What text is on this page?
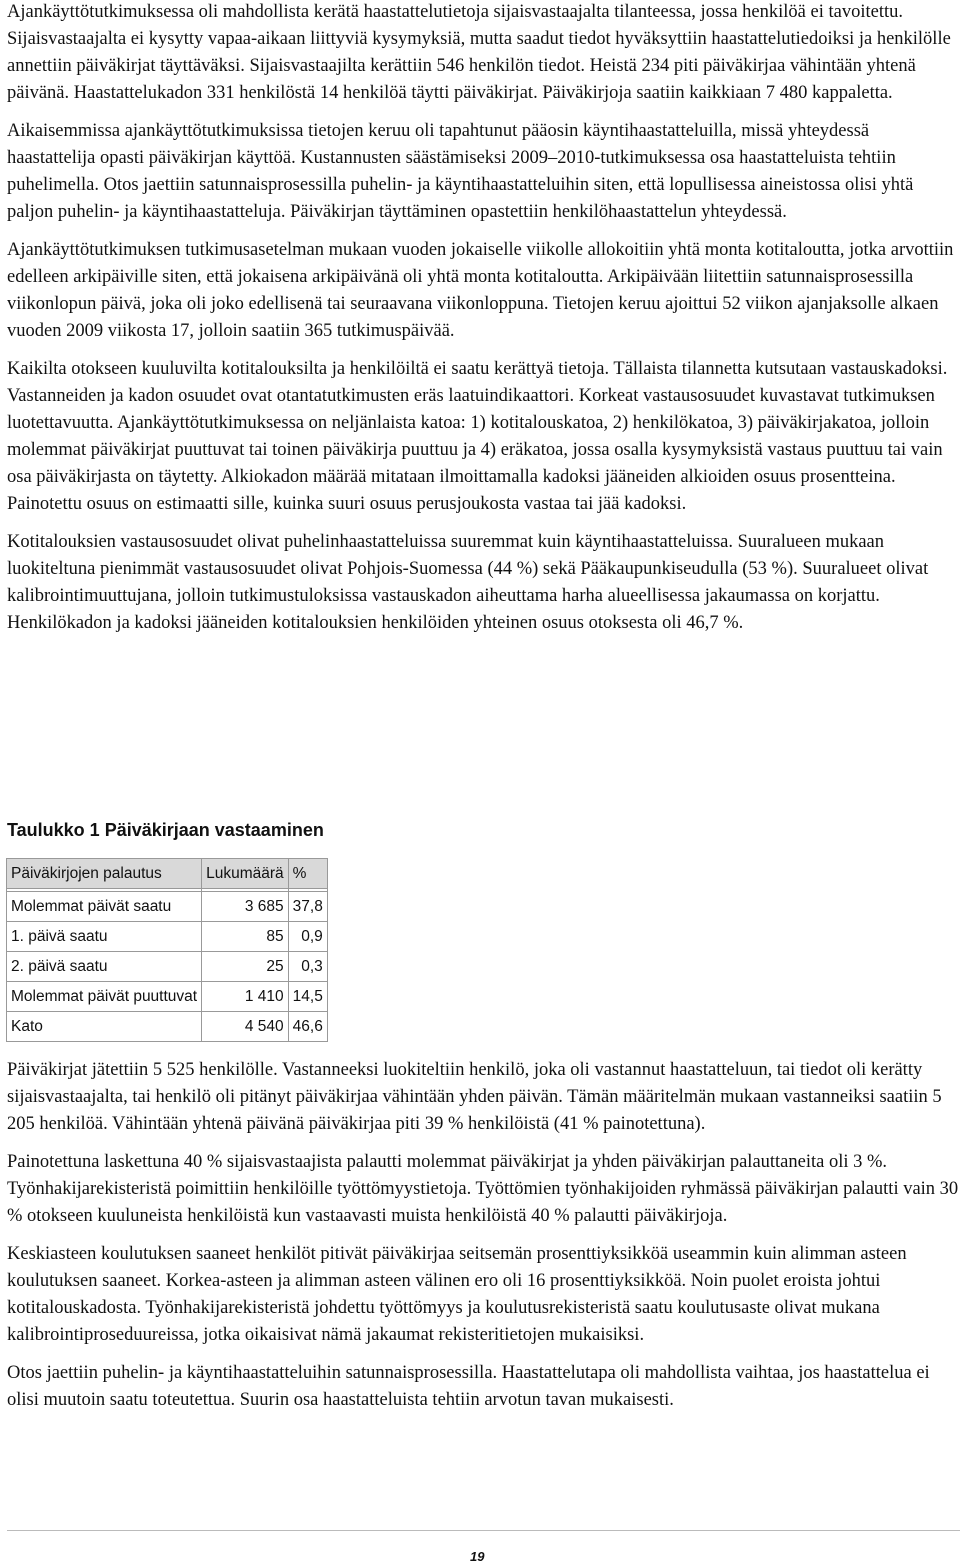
Ajankäyttötutkimuksessa oli mahdollista kerätä haastattelutietoja sijaisvastaajalta tilanteessa, jossa henkilöä ei tavoitettu. Sijaisvastaajalta ei kysytty vapaa-aikaan liittyviä kysymyksiä, mutta saadut tiedot hyväksyttiin haastattelutiedoiksi ja henkilölle annettiin päiväkirjat täyttäväksi. Sijaisvastaajilta kerättiin 546 henkilön tiedot. Heistä 234 piti päiväkirjaa vähintään yhtenä päivänä. Haastattelukadon 331 henkilöstä 14 henkilöä täytti päiväkirjat. Päiväkirjoja saatiin kaikkiaan 7 480 kappaletta.

Aikaisemmissa ajankäyttötutkimuksissa tietojen keruu oli tapahtunut pääosin käyntihaastatteluilla, missä yhteydessä haastattelija opasti päiväkirjan käyttöä. Kustannusten säästämiseksi 2009–2010-tutkimuksessa osa haastatteluista tehtiin puhelimella. Otos jaettiin satunnaisprosessilla puhelin- ja käyntihaastatteluihin siten, että lopullisessa aineistossa olisi yhtä paljon puhelin- ja käyntihaastatteluja. Päiväkirjan täyttäminen opastettiin henkilöhaastattelun yhteydessä.

Ajankäyttötutkimuksen tutkimusasetelman mukaan vuoden jokaiselle viikolle allokoitiin yhtä monta kotitaloutta, jotka arvottiin edelleen arkipäiville siten, että jokaisena arkipäivänä oli yhtä monta kotitaloutta. Arkipäivään liitettiin satunnaisprosessilla viikonlopun päivä, joka oli joko edellisenä tai seuraavana viikonloppuna. Tietojen keruu ajoittui 52 viikon ajanjaksolle alkaen vuoden 2009 viikosta 17, jolloin saatiin 365 tutkimuspäivää.

Kaikilta otokseen kuuluvilta kotitalouksilta ja henkilöiltä ei saatu kerättyä tietoja. Tällaista tilannetta kutsutaan vastauskadoksi. Vastanneiden ja kadon osuudet ovat otantatutkimusten eräs laatuindikaattori. Korkeat vastausosuudet kuvastavat tutkimuksen luotettavuutta. Ajankäyttötutkimuksessa on neljänlaista katoa: 1) kotitalouskatoa, 2) henkilökatoa, 3) päiväkirjakatoa, jolloin molemmat päiväkirjat puuttuvat tai toinen päiväkirja puuttuu ja 4) eräkatoa, jossa osalla kysymyksistä vastaus puuttuu tai vain osa päiväkirjasta on täytetty. Alkiokadon määrää mitataan ilmoittamalla kadoksi jääneiden alkioiden osuus prosentteina. Painotettu osuus on estimaatti sille, kuinka suuri osuus perusjoukosta vastaa tai jää kadoksi.

Kotitalouksien vastausosuudet olivat puhelinhaastatteluissa suuremmat kuin käyntihaastatteluissa. Suuralueen mukaan luokiteltuna pienimmät vastausosuudet olivat Pohjois-Suomessa (44 %) sekä Pääkaupunkiseudulla (53 %). Suuralueet olivat kalibrointimuuttujana, jolloin tutkimustuloksissa vastauskadon aiheuttama harha alueellisessa jakaumassa on korjattu. Henkilökadon ja kadoksi jääneiden kotitalouksien henkilöiden yhteinen osuus otoksesta oli 46,7 %.

Taulukko 1 Päiväkirjaan vastaaminen
Päiväkirjojen palautus	Lukumäärä	%

Molemmat päivät saatu	3 685	37,8
1. päivä saatu	85	0,9
2. päivä saatu	25	0,3
Molemmat päivät puuttuvat	1 410	14,5
Kato	4 540	46,6

Päiväkirjat jätettiin 5 525 henkilölle. Vastanneeksi luokiteltiin henkilö, joka oli vastannut haastatteluun, tai tiedot oli kerätty sijaisvastaajalta, tai henkilö oli pitänyt päiväkirjaa vähintään yhden päivän. Tämän määritelmän mukaan vastanneiksi saatiin 5 205 henkilöä. Vähintään yhtenä päivänä päiväkirjaa piti 39 % henkilöistä (41 % painotettuna).

Painotettuna laskettuna 40 % sijaisvastaajista palautti molemmat päiväkirjat ja yhden päiväkirjan palauttaneita oli 3 %. Työnhakijarekisteristä poimittiin henkilöille työttömyystietoja. Työttömien työnhakijoiden ryhmässä päiväkirjan palautti vain 30 % otokseen kuuluneista henkilöistä kun vastaavasti muista henkilöistä 40 % palautti päiväkirjoja.

Keskiasteen koulutuksen saaneet henkilöt pitivät päiväkirjaa seitsemän prosenttiyksikköä useammin kuin alimman asteen koulutuksen saaneet. Korkea-asteen ja alimman asteen välinen ero oli 16 prosenttiyksikköä. Noin puolet eroista johtui kotitalouskadosta. Työnhakijarekisteristä johdettu työttömyys ja koulutusrekisteristä saatu koulutusaste olivat mukana kalibrointiproseduureissa, jotka oikaisivat nämä jakaumat rekisteritietojen mukaisiksi.

Otos jaettiin puhelin- ja käyntihaastatteluihin satunnaisprosessilla. Haastattelutapa oli mahdollista vaihtaa, jos haastattelua ei olisi muutoin saatu toteutettua. Suurin osa haastatteluista tehtiin arvotun tavan mukaisesti.

19
